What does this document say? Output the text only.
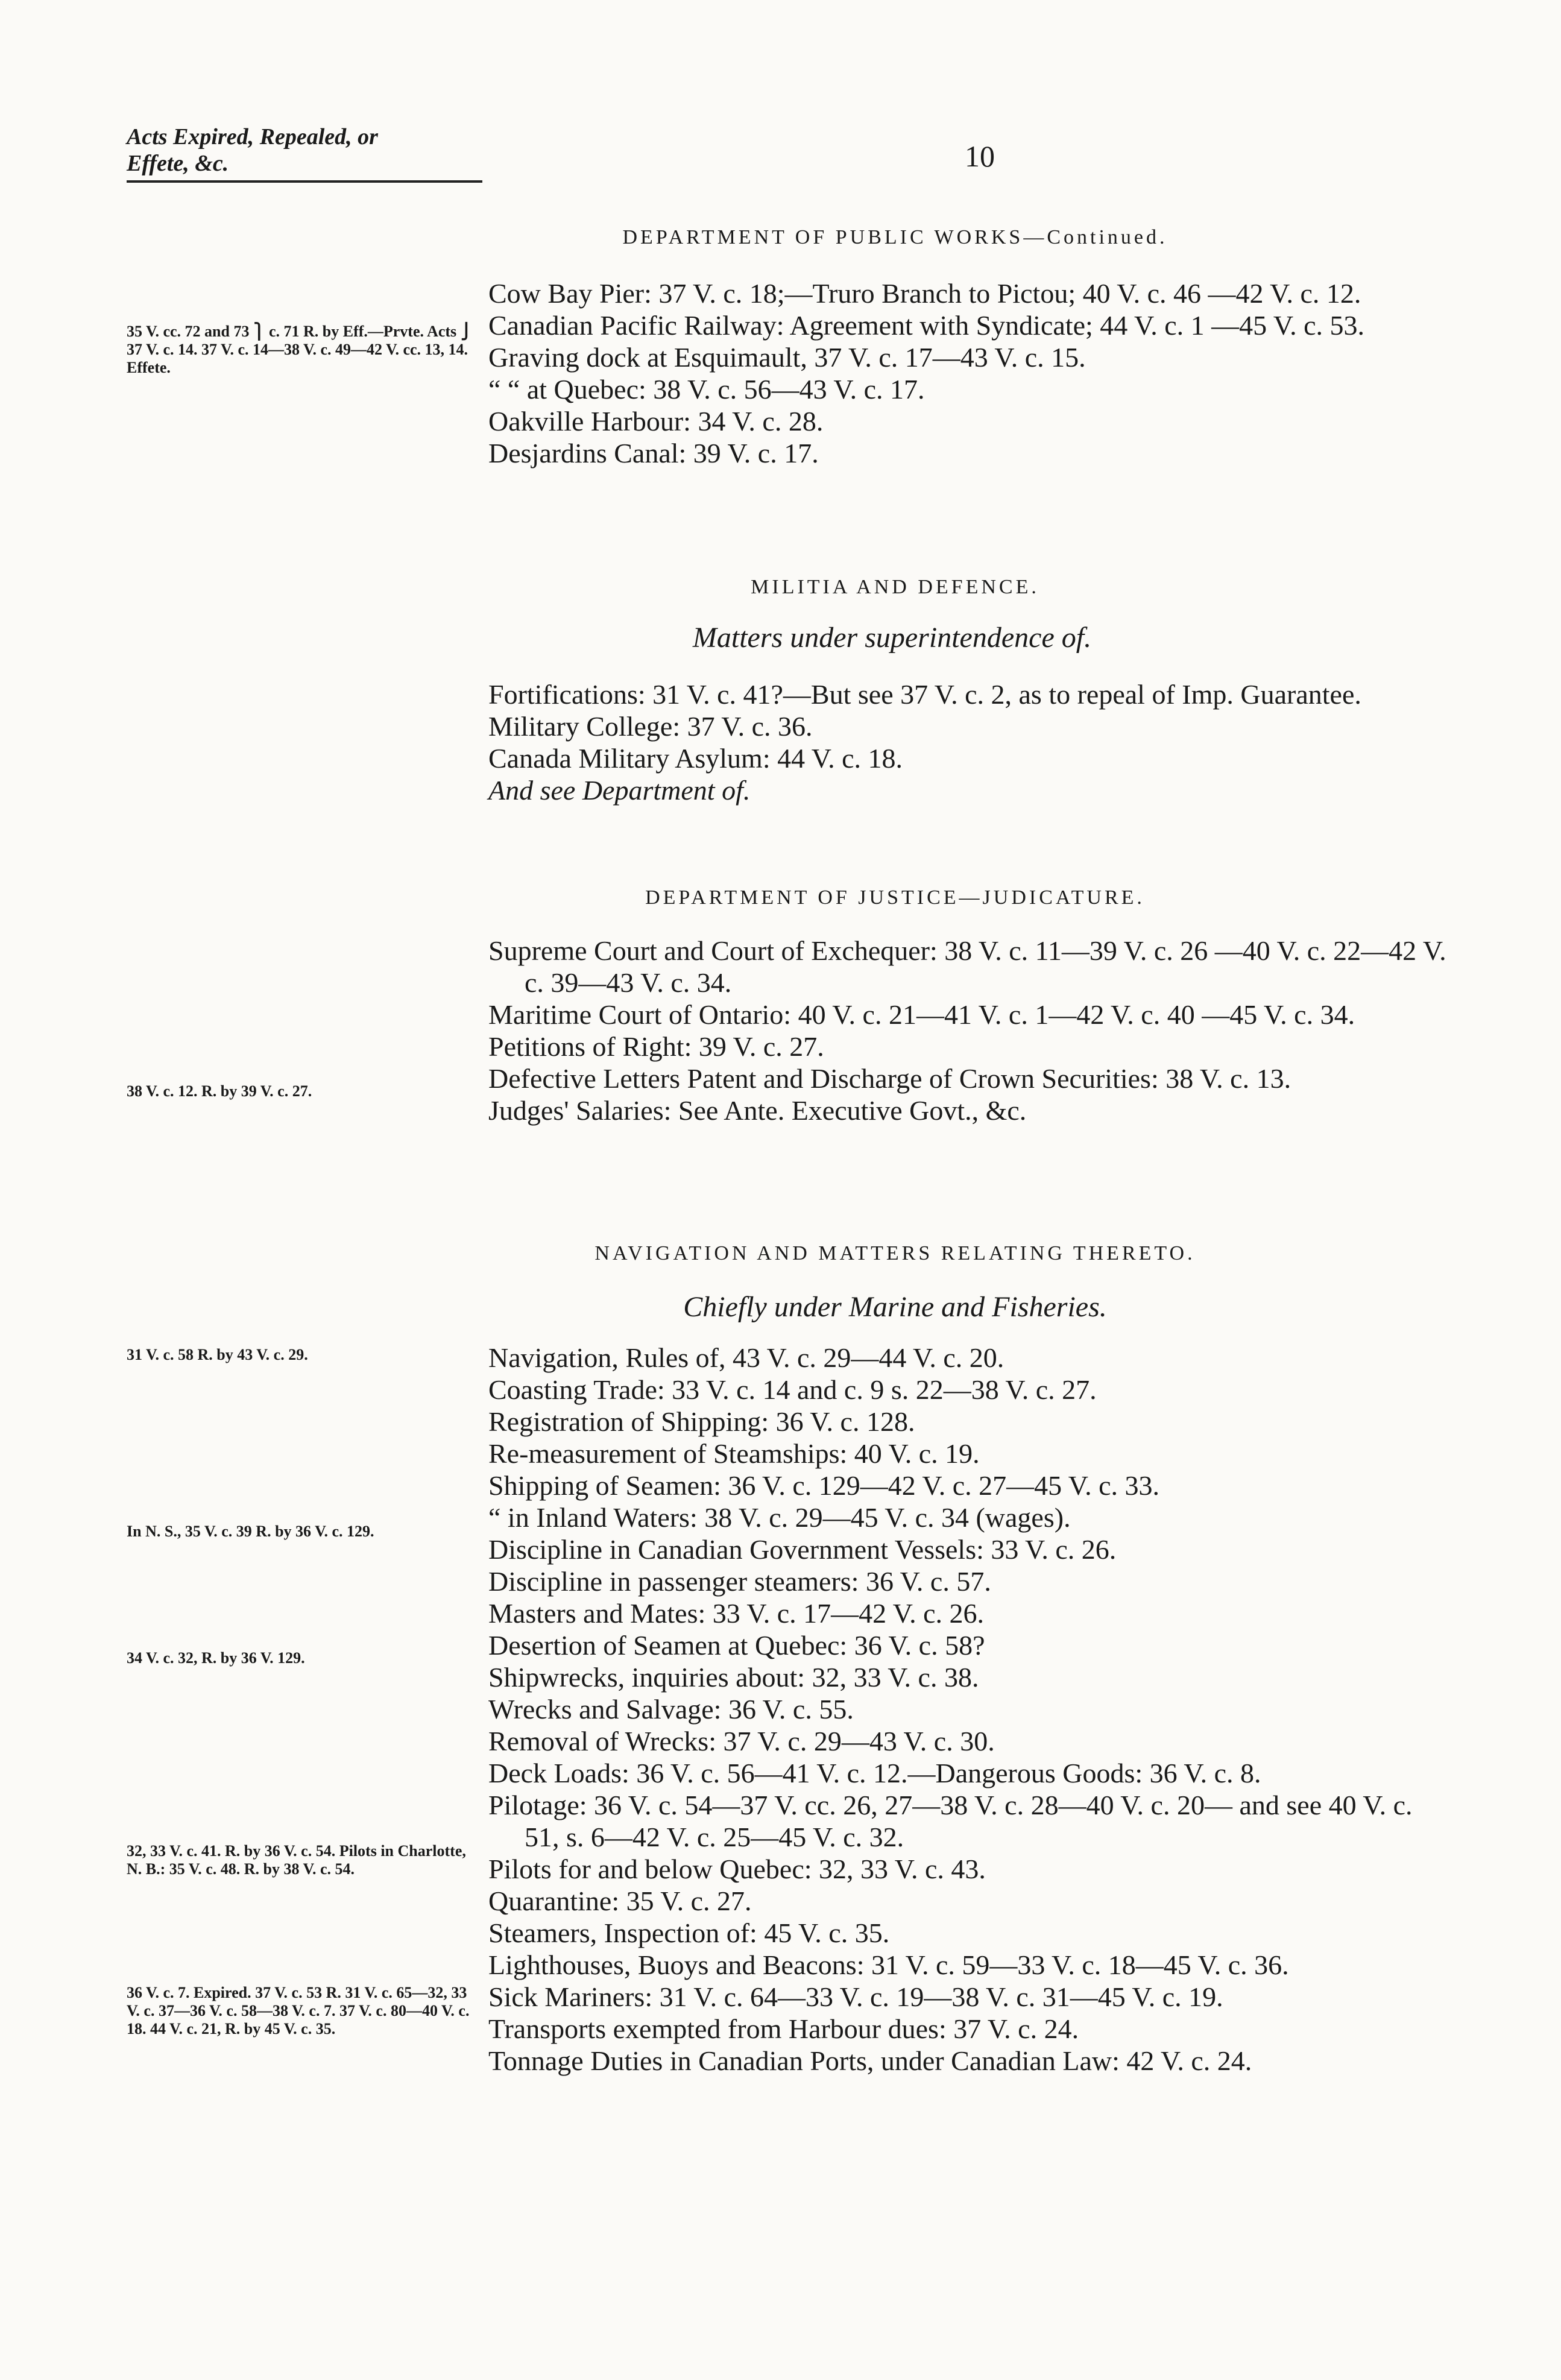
Acts Expired, Repealed, or
Effete, &c.	10
DEPARTMENT OF PUBLIC WORKS—Continued.
35 V. cc. 72 and 73 ⎫ c. 71 R. by Eff.—Prvte. Acts ⎭ 37 V. c. 14. 37 V. c. 14—38 V. c. 49—42 V. cc. 13, 14. Effete.
Cow Bay Pier: 37 V. c. 18;—Truro Branch to Pictou; 40 V. c. 46 —42 V. c. 12.
Canadian Pacific Railway: Agreement with Syndicate; 44 V. c. 1 —45 V. c. 53.
Graving dock at Esquimault, 37 V. c. 17—43 V. c. 15.
“ “ at Quebec: 38 V. c. 56—43 V. c. 17.
Oakville Harbour: 34 V. c. 28.
Desjardins Canal: 39 V. c. 17.
MILITIA AND DEFENCE.
Matters under superintendence of.
Fortifications: 31 V. c. 41?—But see 37 V. c. 2, as to repeal of Imp. Guarantee.
Military College: 37 V. c. 36.
Canada Military Asylum: 44 V. c. 18.
And see Department of.
DEPARTMENT OF JUSTICE—JUDICATURE.
38 V. c. 12. R. by 39 V. c. 27.
Supreme Court and Court of Exchequer: 38 V. c. 11—39 V. c. 26 —40 V. c. 22—42 V. c. 39—43 V. c. 34.
Maritime Court of Ontario: 40 V. c. 21—41 V. c. 1—42 V. c. 40 —45 V. c. 34.
Petitions of Right: 39 V. c. 27.
Defective Letters Patent and Discharge of Crown Securities: 38 V. c. 13.
Judges' Salaries: See Ante. Executive Govt., &c.
NAVIGATION AND MATTERS RELATING THERETO.
Chiefly under Marine and Fisheries.
31 V. c. 58 R. by 43 V. c. 29.
In N. S., 35 V. c. 39 R. by 36 V. c. 129.
34 V. c. 32, R. by 36 V. 129.
32, 33 V. c. 41. R. by 36 V. c. 54. Pilots in Charlotte, N. B.: 35 V. c. 48. R. by 38 V. c. 54.
36 V. c. 7. Expired. 37 V. c. 53 R. 31 V. c. 65—32, 33 V. c. 37—36 V. c. 58—38 V. c. 7. 37 V. c. 80—40 V. c. 18. 44 V. c. 21, R. by 45 V. c. 35.
Navigation, Rules of, 43 V. c. 29—44 V. c. 20.
Coasting Trade: 33 V. c. 14 and c. 9 s. 22—38 V. c. 27.
Registration of Shipping: 36 V. c. 128.
Re-measurement of Steamships: 40 V. c. 19.
Shipping of Seamen: 36 V. c. 129—42 V. c. 27—45 V. c. 33.
“ in Inland Waters: 38 V. c. 29—45 V. c. 34 (wages).
Discipline in Canadian Government Vessels: 33 V. c. 26.
Discipline in passenger steamers: 36 V. c. 57.
Masters and Mates: 33 V. c. 17—42 V. c. 26.
Desertion of Seamen at Quebec: 36 V. c. 58?
Shipwrecks, inquiries about: 32, 33 V. c. 38.
Wrecks and Salvage: 36 V. c. 55.
Removal of Wrecks: 37 V. c. 29—43 V. c. 30.
Deck Loads: 36 V. c. 56—41 V. c. 12.—Dangerous Goods: 36 V. c. 8.
Pilotage: 36 V. c. 54—37 V. cc. 26, 27—38 V. c. 28—40 V. c. 20— and see 40 V. c. 51, s. 6—42 V. c. 25—45 V. c. 32.
Pilots for and below Quebec: 32, 33 V. c. 43.
Quarantine: 35 V. c. 27.
Steamers, Inspection of: 45 V. c. 35.
Lighthouses, Buoys and Beacons: 31 V. c. 59—33 V. c. 18—45 V. c. 36.
Sick Mariners: 31 V. c. 64—33 V. c. 19—38 V. c. 31—45 V. c. 19.
Transports exempted from Harbour dues: 37 V. c. 24.
Tonnage Duties in Canadian Ports, under Canadian Law: 42 V. c. 24.
